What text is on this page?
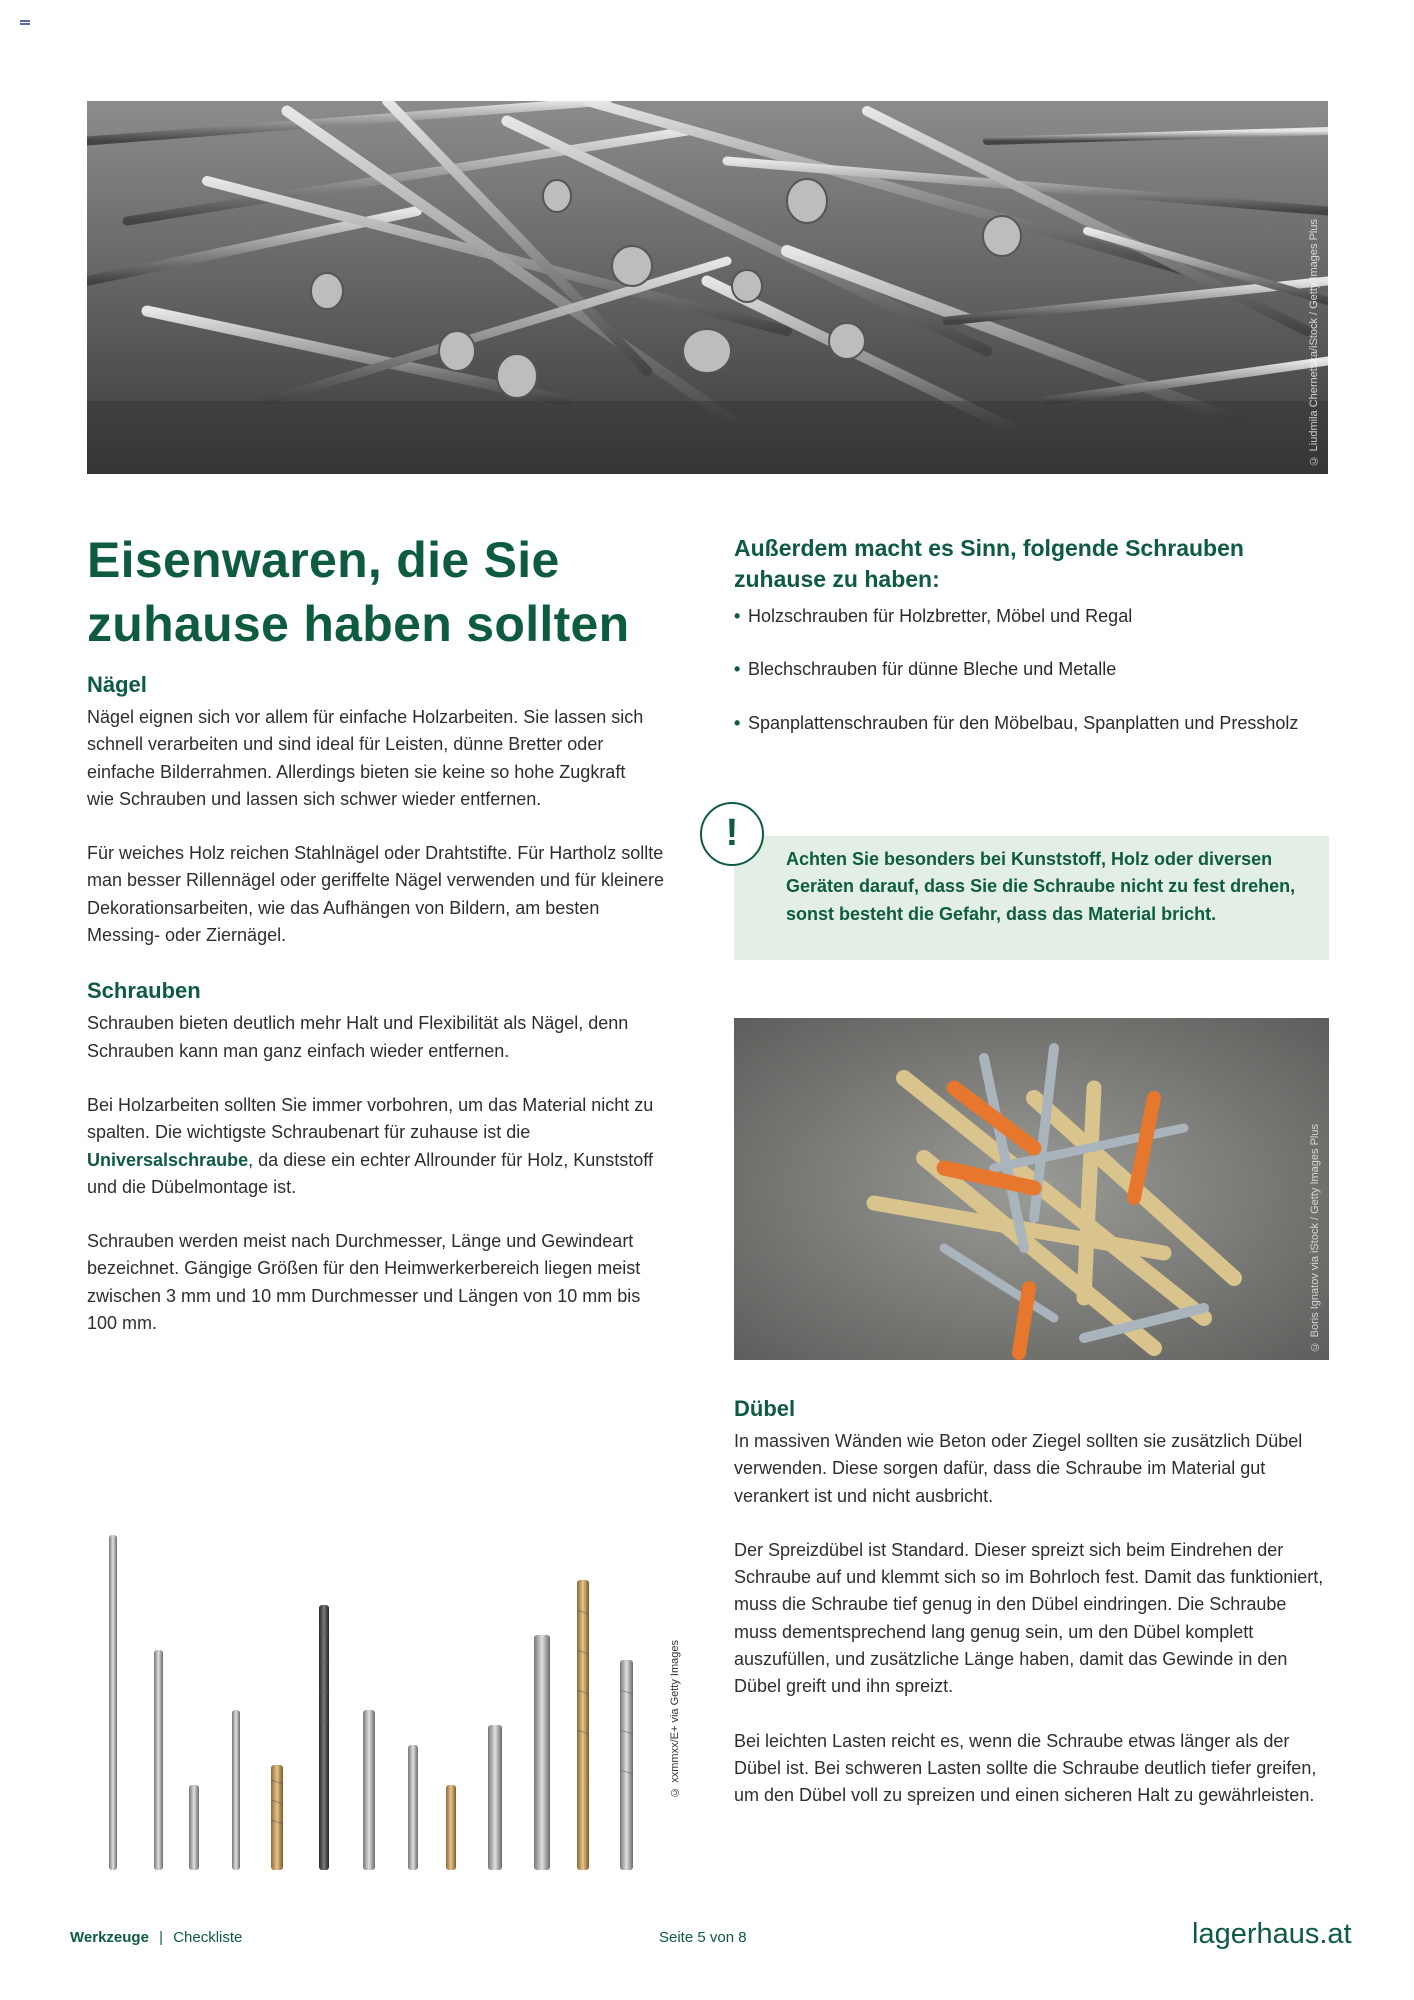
© Liudmila Chernetska/iStock / Getty Images Plus
Eisenwaren, die Sie zuhause haben sollten
Nägel

Nägel eignen sich vor allem für einfache Holzarbeiten. Sie lassen sich schnell verarbeiten und sind ideal für Leisten, dünne Bretter oder einfache Bilderrahmen. Allerdings bieten sie keine so hohe Zugkraft wie Schrauben und lassen sich schwer wieder entfernen.

Für weiches Holz reichen Stahlnägel oder Drahtstifte. Für Hartholz sollte man besser Rillennägel oder geriffelte Nägel verwenden und für kleinere Dekorationsarbeiten, wie das Aufhängen von Bildern, am besten Messing- oder Ziernägel.

Schrauben

Schrauben bieten deutlich mehr Halt und Flexibilität als Nägel, denn Schrauben kann man ganz einfach wieder entfernen.

Bei Holzarbeiten sollten Sie immer vorbohren, um das Material nicht zu spalten. Die wichtigste Schraubenart für zuhause ist die Universalschraube, da diese ein echter Allrounder für Holz, Kunststoff und die Dübelmontage ist.

Schrauben werden meist nach Durchmesser, Länge und Gewindeart bezeichnet. Gängige Größen für den Heimwerkerbereich liegen meist zwischen 3 mm und 10 mm Durchmesser und Längen von 10 mm bis 100 mm.

© xxmmxx/E+ via Getty Images
Außerdem macht es Sinn, folgende Schrauben zuhause zu haben:
• Holzschrauben für Holzbretter, Möbel und Regal
• Blechschrauben für dünne Bleche und Metalle
• Spanplattenschrauben für den Möbelbau, Spanplatten und Pressholz

Achten Sie besonders bei Kunststoff, Holz oder diversen Geräten darauf, dass Sie die Schraube nicht zu fest drehen, sonst besteht die Gefahr, dass das Material bricht.

!
© Boris Ignatov via iStock / Getty Images Plus
Dübel

In massiven Wänden wie Beton oder Ziegel sollten sie zusätzlich Dübel verwenden. Diese sorgen dafür, dass die Schraube im Material gut verankert ist und nicht ausbricht.

Der Spreizdübel ist Standard. Dieser spreizt sich beim Eindrehen der Schraube auf und klemmt sich so im Bohrloch fest. Damit das funktioniert, muss die Schraube tief genug in den Dübel eindringen. Die Schraube muss dementsprechend lang genug sein, um den Dübel komplett auszufüllen, und zusätzliche Länge haben, damit das Gewinde in den Dübel greift und ihn spreizt.

Bei leichten Lasten reicht es, wenn die Schraube etwas länger als der Dübel ist. Bei schweren Lasten sollte die Schraube deutlich tiefer greifen, um den Dübel voll zu spreizen und einen sicheren Halt zu gewährleisten.

Werkzeuge | Checkliste	Seite 5 von 8	lagerhaus.at
